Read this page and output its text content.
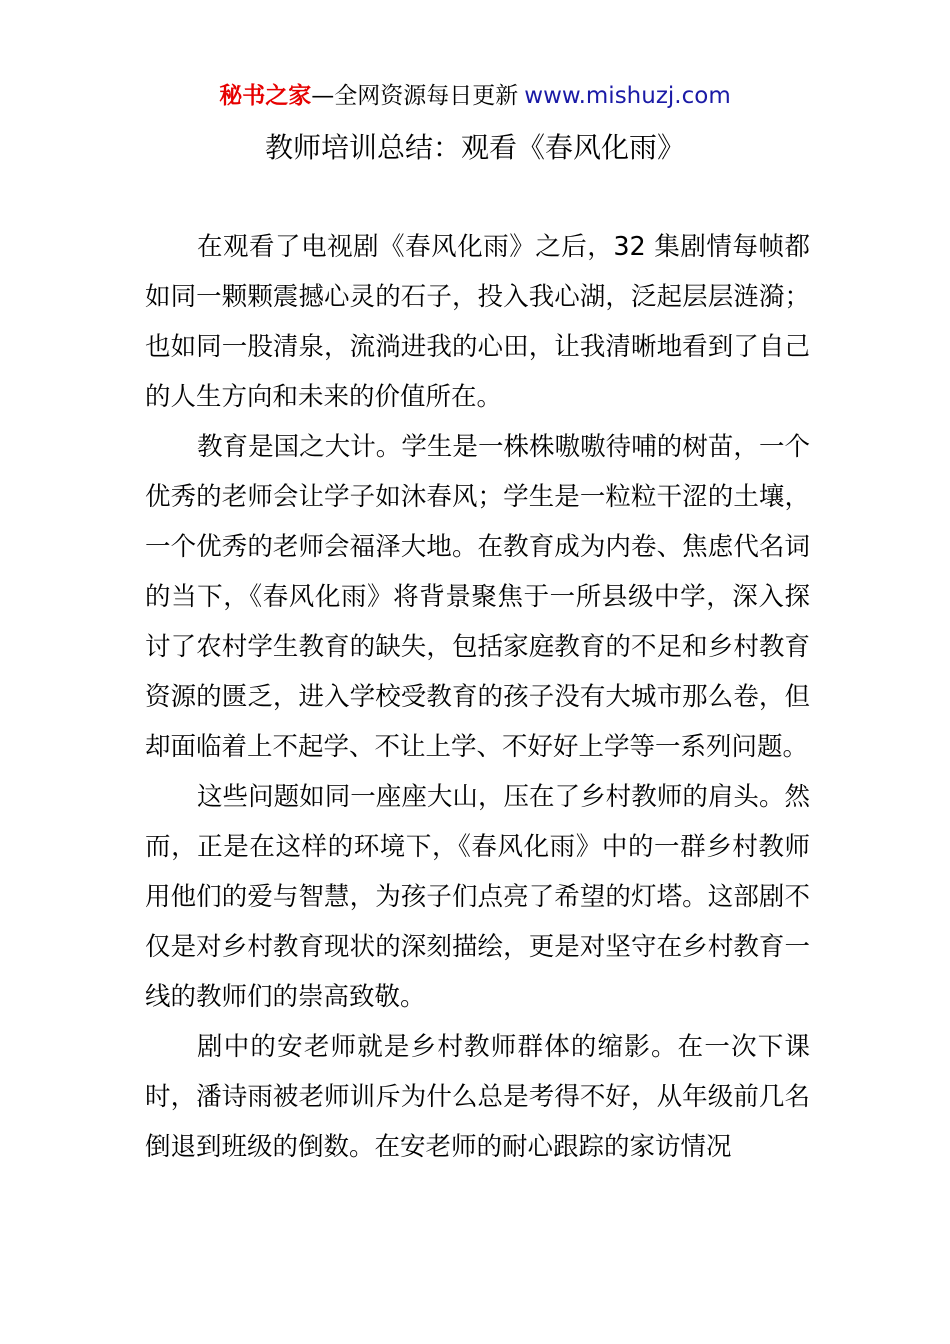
秘书之家—全网资源每日更新 www.mishuzj.com
教师培训总结：观看《春风化雨》

在观看了电视剧《春风化雨》之后，32 集剧情每帧都如同一颗颗震撼心灵的石子，投入我心湖，泛起层层涟漪；也如同一股清泉，流淌进我的心田，让我清晰地看到了自己的人生方向和未来的价值所在。

教育是国之大计。学生是一株株嗷嗷待哺的树苗，一个优秀的老师会让学子如沐春风；学生是一粒粒干涩的土壤，一个优秀的老师会福泽大地。在教育成为内卷、焦虑代名词的当下，《春风化雨》将背景聚焦于一所县级中学，深入探讨了农村学生教育的缺失，包括家庭教育的不足和乡村教育资源的匮乏，进入学校受教育的孩子没有大城市那么卷，但却面临着上不起学、不让上学、不好好上学等一系列问题。

这些问题如同一座座大山，压在了乡村教师的肩头。然而，正是在这样的环境下，《春风化雨》中的一群乡村教师用他们的爱与智慧，为孩子们点亮了希望的灯塔。这部剧不仅是对乡村教育现状的深刻描绘，更是对坚守在乡村教育一线的教师们的崇高致敬。

剧中的安老师就是乡村教师群体的缩影。在一次下课时，潘诗雨被老师训斥为什么总是考得不好，从年级前几名倒退到班级的倒数。在安老师的耐心跟踪的家访情况
